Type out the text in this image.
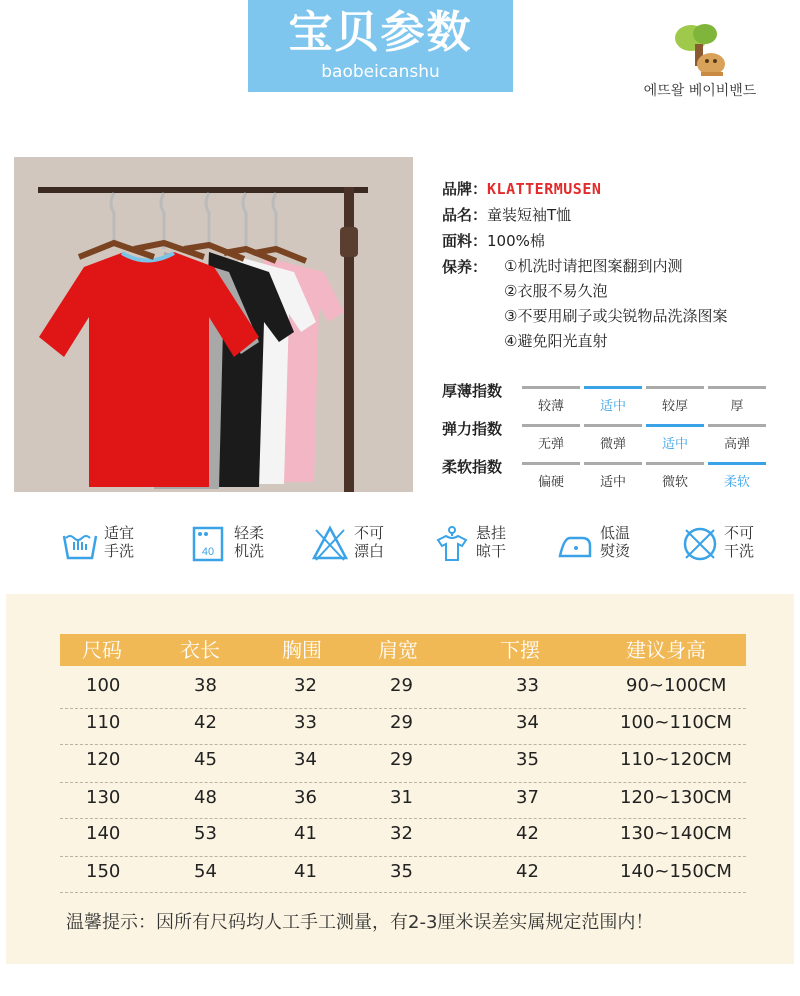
宝贝参数
baobeicanshu
에뜨왈 베이비밴드
品牌：KLATTERMUSEN
品名：童装短袖T恤
面料：100%棉
保养：	①机洗时请把图案翻到内测
②衣服不易久泡
③不要用刷子或尖锐物品洗涤图案
④避免阳光直射
厚薄指数
较薄	适中	较厚	厚
弹力指数
无弹	微弹	适中	高弹
柔软指数
偏硬	适中	微软	柔软
适宜
手洗	40
轻柔
机洗
不可
漂白
悬挂
晾干
低温
熨烫
不可
干洗
尺码	衣长	胸围	肩宽	下摆	建议身高
100	38	32	29	33	90~100CM
110	42	33	29	34	100~110CM
120	45	34	29	35	110~120CM
130	48	36	31	37	120~130CM
140	53	41	32	42	130~140CM
150	54	41	35	42	140~150CM
温馨提示：因所有尺码均人工手工测量，有2-3厘米误差实属规定范围内！
